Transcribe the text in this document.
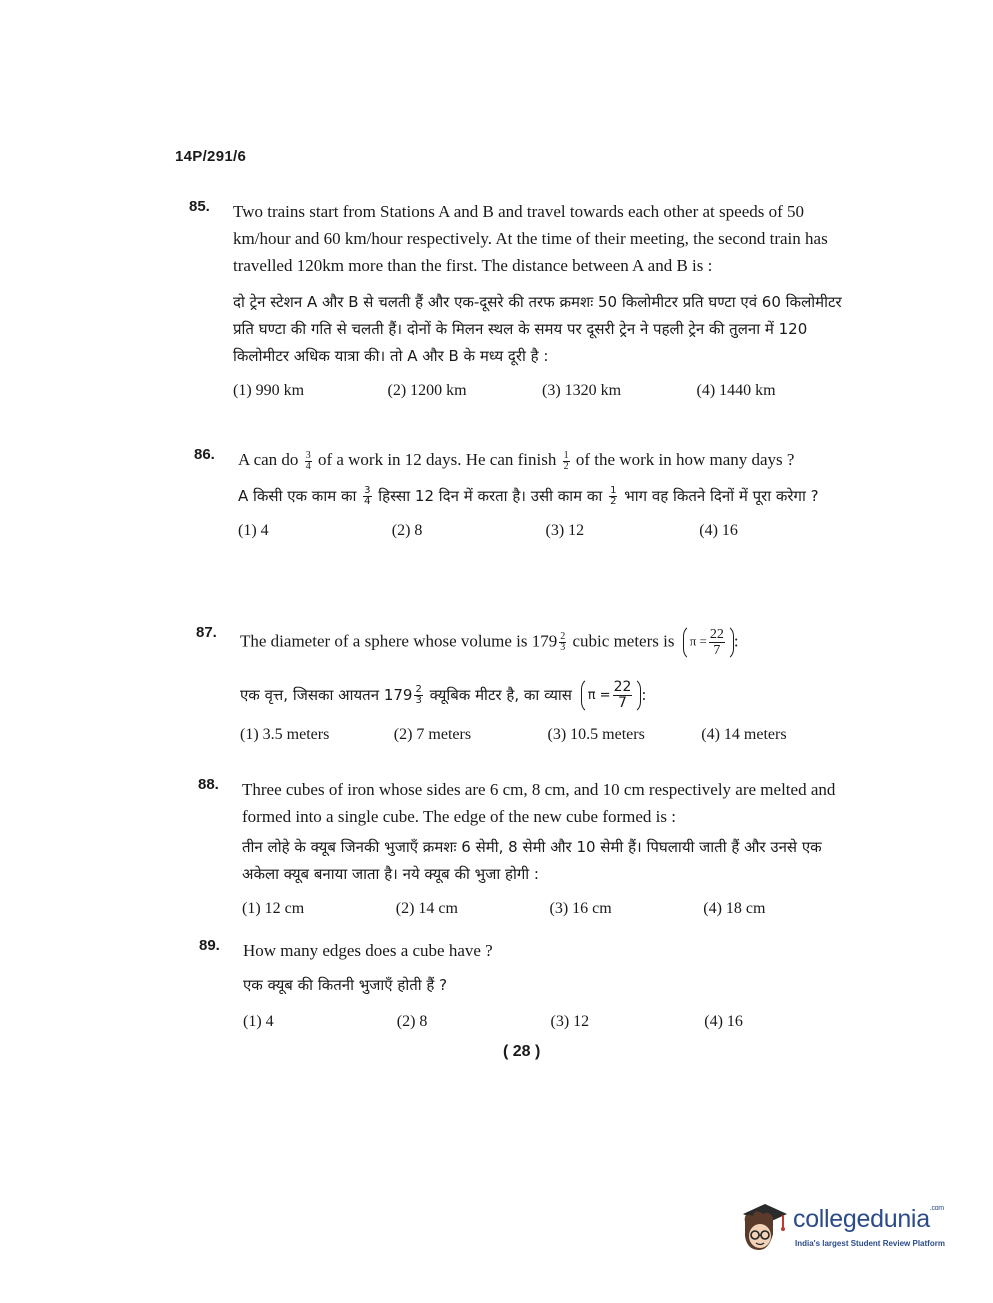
14P/291/6
85. Two trains start from Stations A and B and travel towards each other at speeds of 50 km/hour and 60 km/hour respectively. At the time of their meeting, the second train has travelled 120km more than the first. The distance between A and B is :

दो ट्रेन स्टेशन A और B से चलती हैं और एक-दूसरे की तरफ क्रमशः 50 किलोमीटर प्रति घण्टा एवं 60 किलोमीटर प्रति घण्टा की गति से चलती हैं। दोनों के मिलन स्थल के समय पर दूसरी ट्रेन ने पहली ट्रेन की तुलना में 120 किलोमीटर अधिक यात्रा की। तो A और B के मध्य दूरी है :

(1) 990 km	(2) 1200 km	(3) 1320 km	(4) 1440 km
86. A can do $\frac{3}{4}$ of a work in 12 days. He can finish $\frac{1}{2}$ of the work in how many days ?

A किसी एक काम का $\frac{3}{4}$ हिस्सा 12 दिन में करता है। उसी काम का $\frac{1}{2}$ भाग वह कितने दिनों में पूरा करेगा ?

(1) 4	(2) 8	(3) 12	(4) 16
87. The diameter of a sphere whose volume is $179 \frac{2}{3}$ cubic meters is $\pi = \frac{22}{7}$ :

एक वृत्त, जिसका आयतन $179 \frac{2}{3}$ क्यूबिक मीटर है, का व्यास $\pi = \frac{22}{7}$ :

(1) 3.5 meters	(2) 7 meters	(3) 10.5 meters	(4) 14 meters
88. Three cubes of iron whose sides are 6 cm, 8 cm, and 10 cm respectively are melted and formed into a single cube. The edge of the new cube formed is :

तीन लोहे के क्यूब जिनकी भुजाएँ क्रमशः 6 सेमी, 8 सेमी और 10 सेमी हैं। पिघलायी जाती हैं और उनसे एक अकेला क्यूब बनाया जाता है। नये क्यूब की भुजा होगी :

(1) 12 cm	(2) 14 cm	(3) 16 cm	(4) 18 cm
89. How many edges does a cube have ?

एक क्यूब की कितनी भुजाएँ होती हैं ?

(1) 4	(2) 8	(3) 12	(4) 16
( 28 )
collegedunia$^{.com}$
India's largest Student Review Platform
